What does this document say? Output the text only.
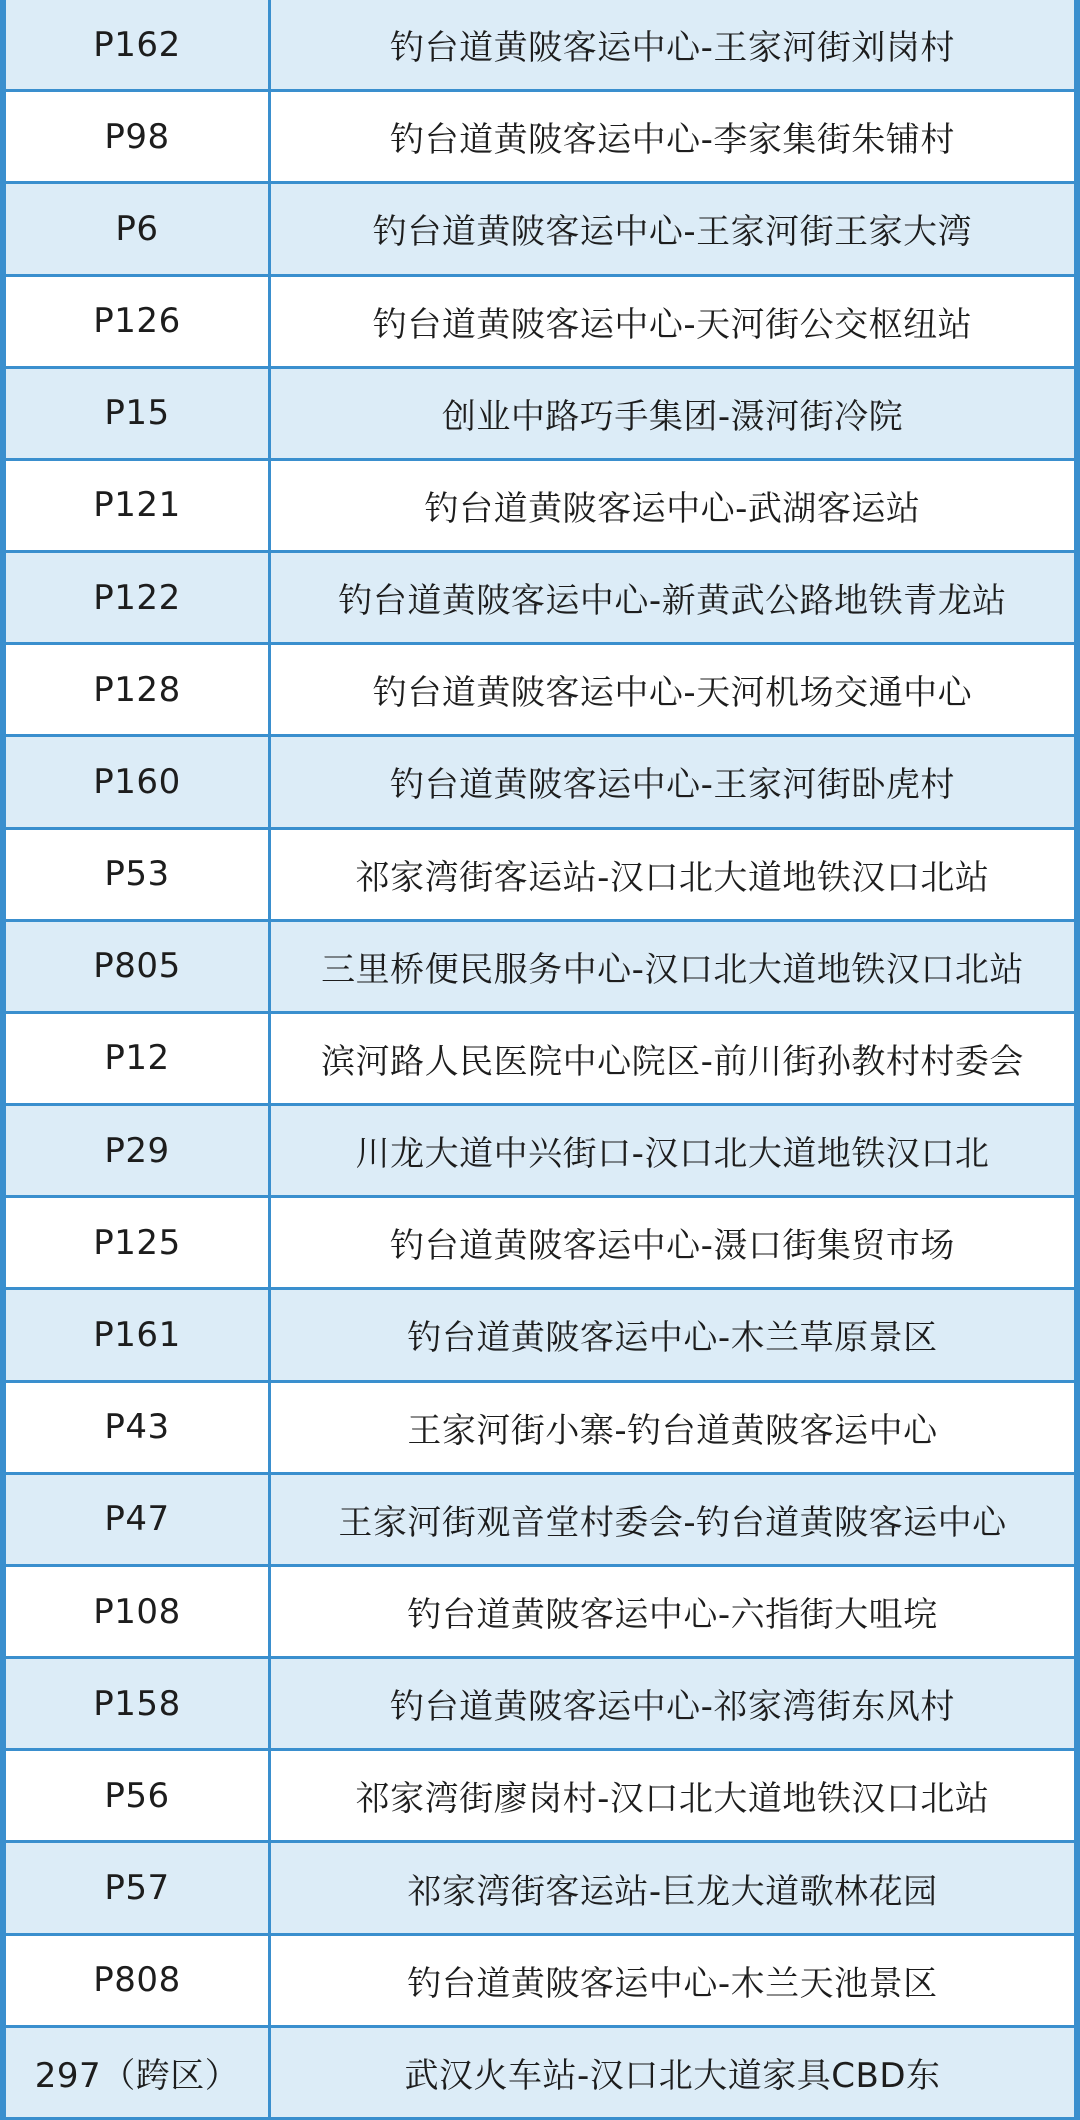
P162	钓台道黄陂客运中心-王家河街刘岗村
P98	钓台道黄陂客运中心-李家集街朱铺村
P6	钓台道黄陂客运中心-王家河街王家大湾
P126	钓台道黄陂客运中心-天河街公交枢纽站
P15	创业中路巧手集团-滠河街冷院
P121	钓台道黄陂客运中心-武湖客运站
P122	钓台道黄陂客运中心-新黄武公路地铁青龙站
P128	钓台道黄陂客运中心-天河机场交通中心
P160	钓台道黄陂客运中心-王家河街卧虎村
P53	祁家湾街客运站-汉口北大道地铁汉口北站
P805	三里桥便民服务中心-汉口北大道地铁汉口北站
P12	滨河路人民医院中心院区-前川街孙教村村委会
P29	川龙大道中兴街口-汉口北大道地铁汉口北
P125	钓台道黄陂客运中心-滠口街集贸市场
P161	钓台道黄陂客运中心-木兰草原景区
P43	王家河街小寨-钓台道黄陂客运中心
P47	王家河街观音堂村委会-钓台道黄陂客运中心
P108	钓台道黄陂客运中心-六指街大咀垸
P158	钓台道黄陂客运中心-祁家湾街东风村
P56	祁家湾街廖岗村-汉口北大道地铁汉口北站
P57	祁家湾街客运站-巨龙大道歌林花园
P808	钓台道黄陂客运中心-木兰天池景区
297（跨区）	武汉火车站-汉口北大道家具CBD东
